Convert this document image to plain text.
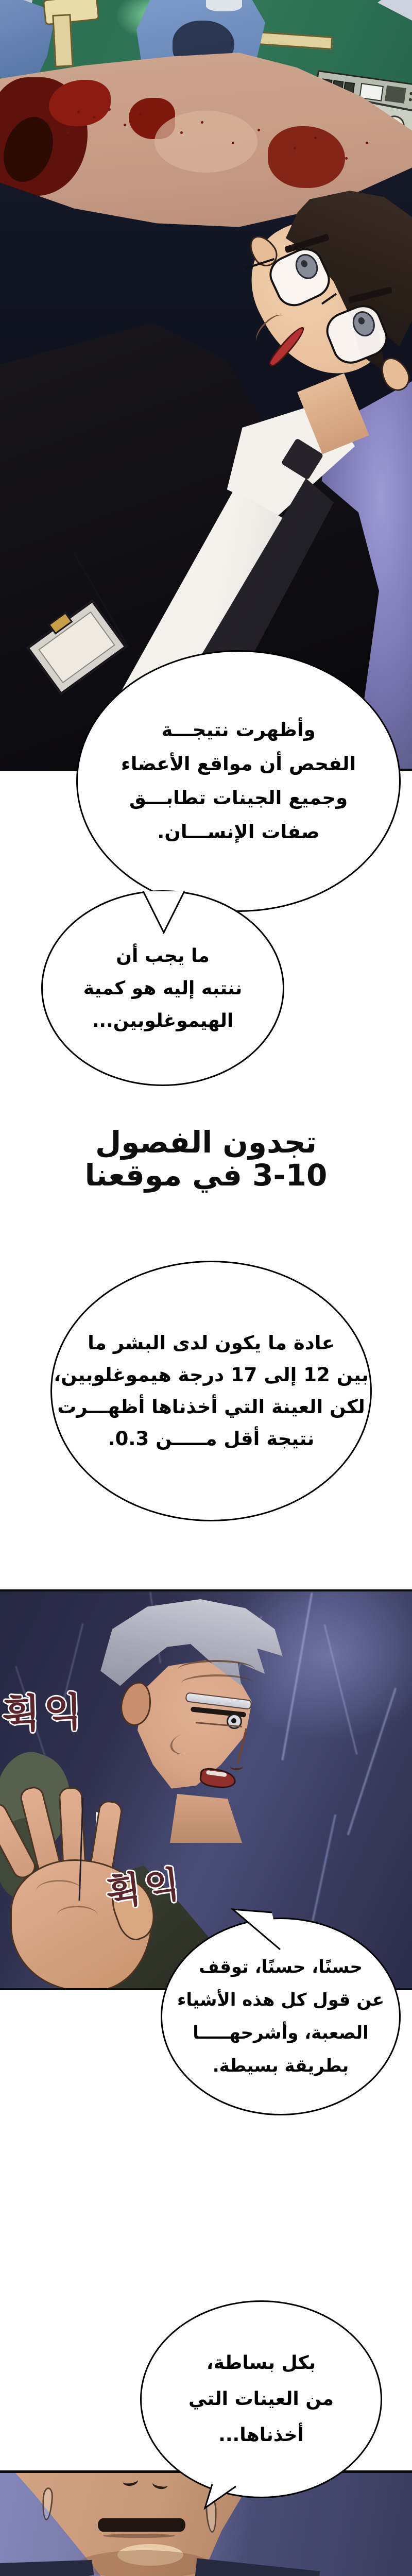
وأظهرت نتيجـــة
الفحص أن مواقع الأعضاء
وجميع الجينات تطابـــق
صفات الإنســـان.
ما يجب أن
ننتبه إليه هو كمية
الهيموغلوبين...
تجدون الفصول
3-10 في موقعنا
عادة ما يكون لدى البشر ما
بين 12 إلى 17 درجة هيموغلوبين،
لكن العينة التي أخذناها أظهـــرت
نتيجة أقل مـــــن 0.3.
휙익
휙익
حسنًا، حسنًا، توقف
عن قول كل هذه الأشياء
الصعبة، وأشرحهـــــا
بطريقة بسيطة.
بكل بساطة،
من العينات التي
أخذناها...
